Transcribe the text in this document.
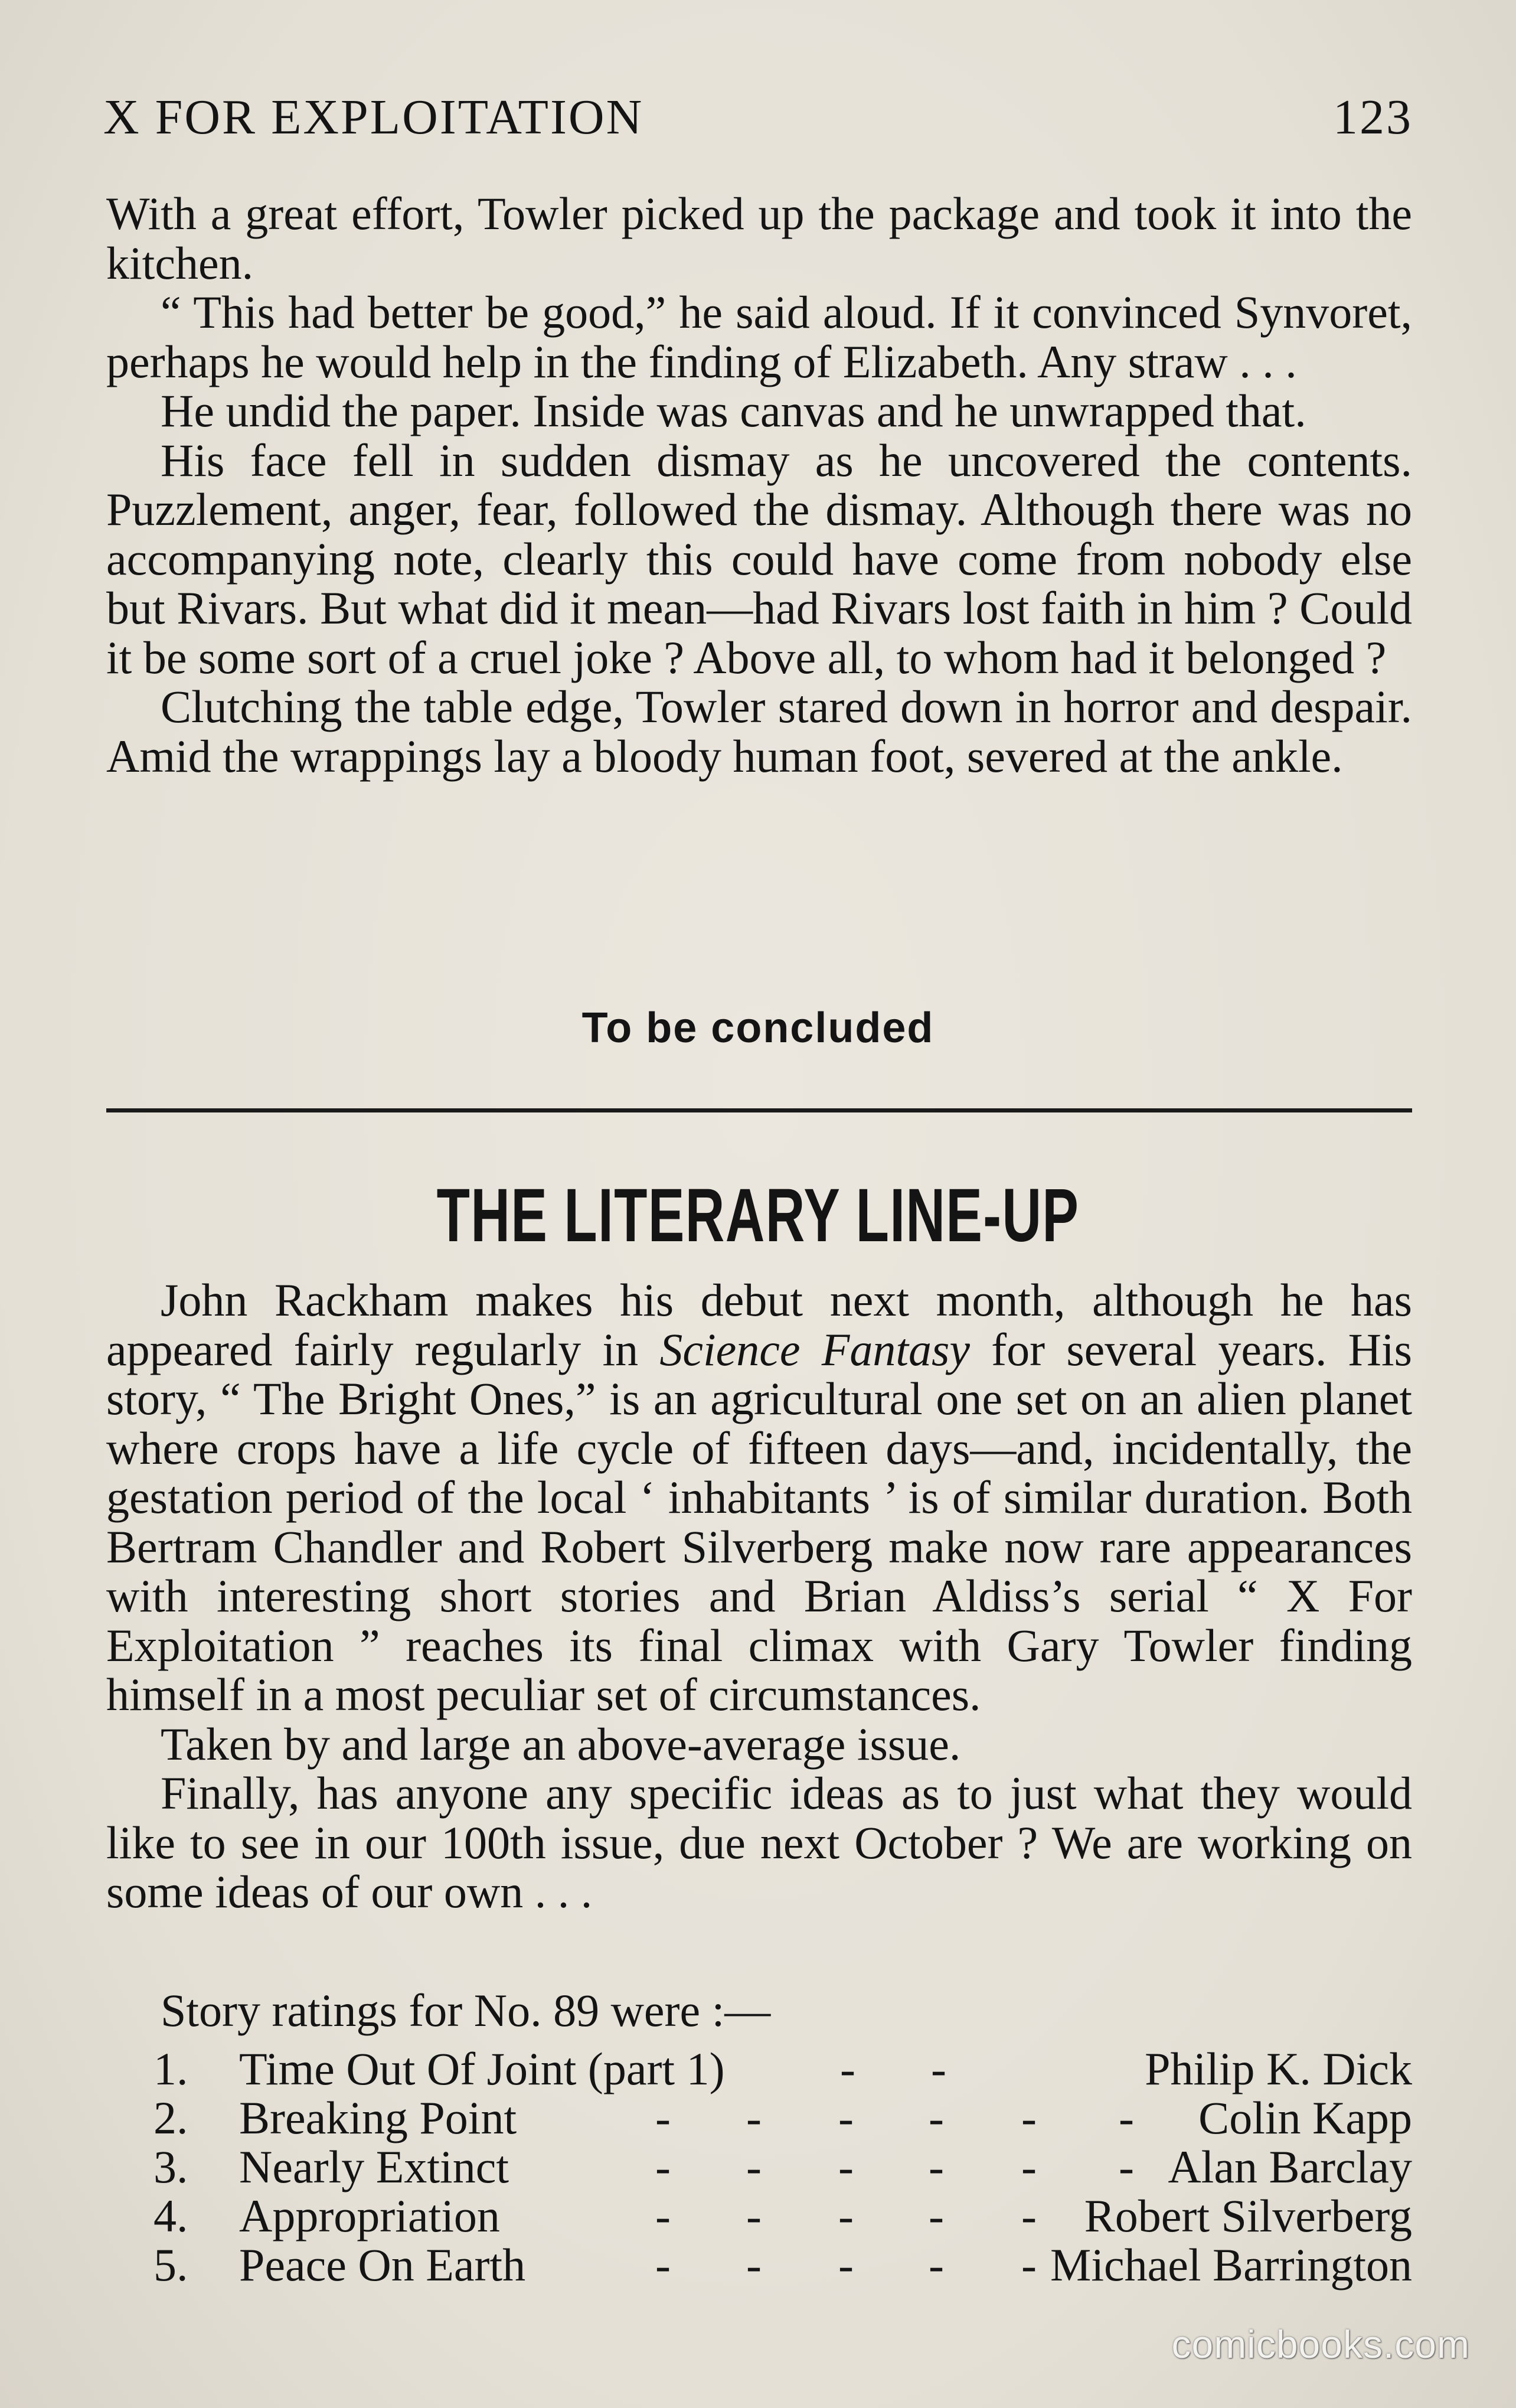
X FOR EXPLOITATION	123

With a great effort, Towler picked up the package and took it into the kitchen.

“ This had better be good,” he said aloud. If it convinced Synvoret, perhaps he would help in the finding of Elizabeth. Any straw . . .

He undid the paper. Inside was canvas and he unwrapped that.

His face fell in sudden dismay as he uncovered the contents. Puzzlement, anger, fear, followed the dismay. Although there was no accompanying note, clearly this could have come from nobody else but Rivars. But what did it mean—had Rivars lost faith in him ? Could it be some sort of a cruel joke ? Above all, to whom had it belonged ?

Clutching the table edge, Towler stared down in horror and despair. Amid the wrappings lay a bloody human foot, severed at the ankle.

To be concluded
THE LITERARY LINE-UP

John Rackham makes his debut next month, although he has appeared fairly regularly in Science Fantasy for several years. His story, “ The Bright Ones,” is an agricultural one set on an alien planet where crops have a life cycle of fifteen days—and, incidentally, the gestation period of the local ‘ inhabitants ’ is of similar duration. Both Bertram Chandler and Robert Silverberg make now rare appearances with interesting short stories and Brian Aldiss’s serial “ X For Exploitation ” reaches its final climax with Gary Towler finding himself in a most peculiar set of circumstances.

Taken by and large an above-average issue.

Finally, has anyone any specific ideas as to just what they would like to see in our 100th issue, due next October ? We are working on some ideas of our own . . .

Story ratings for No. 89 were :—
1. Time Out Of Joint (part 1)	- -	Philip K. Dick
2. Breaking Point	- - - - - - Colin Kapp
3. Nearly Extinct	- - - - - - Alan Barclay
4. Appropriation	- - - - - Robert Silverberg
5. Peace On Earth	- - - - - Michael Barrington
comicbooks.com
